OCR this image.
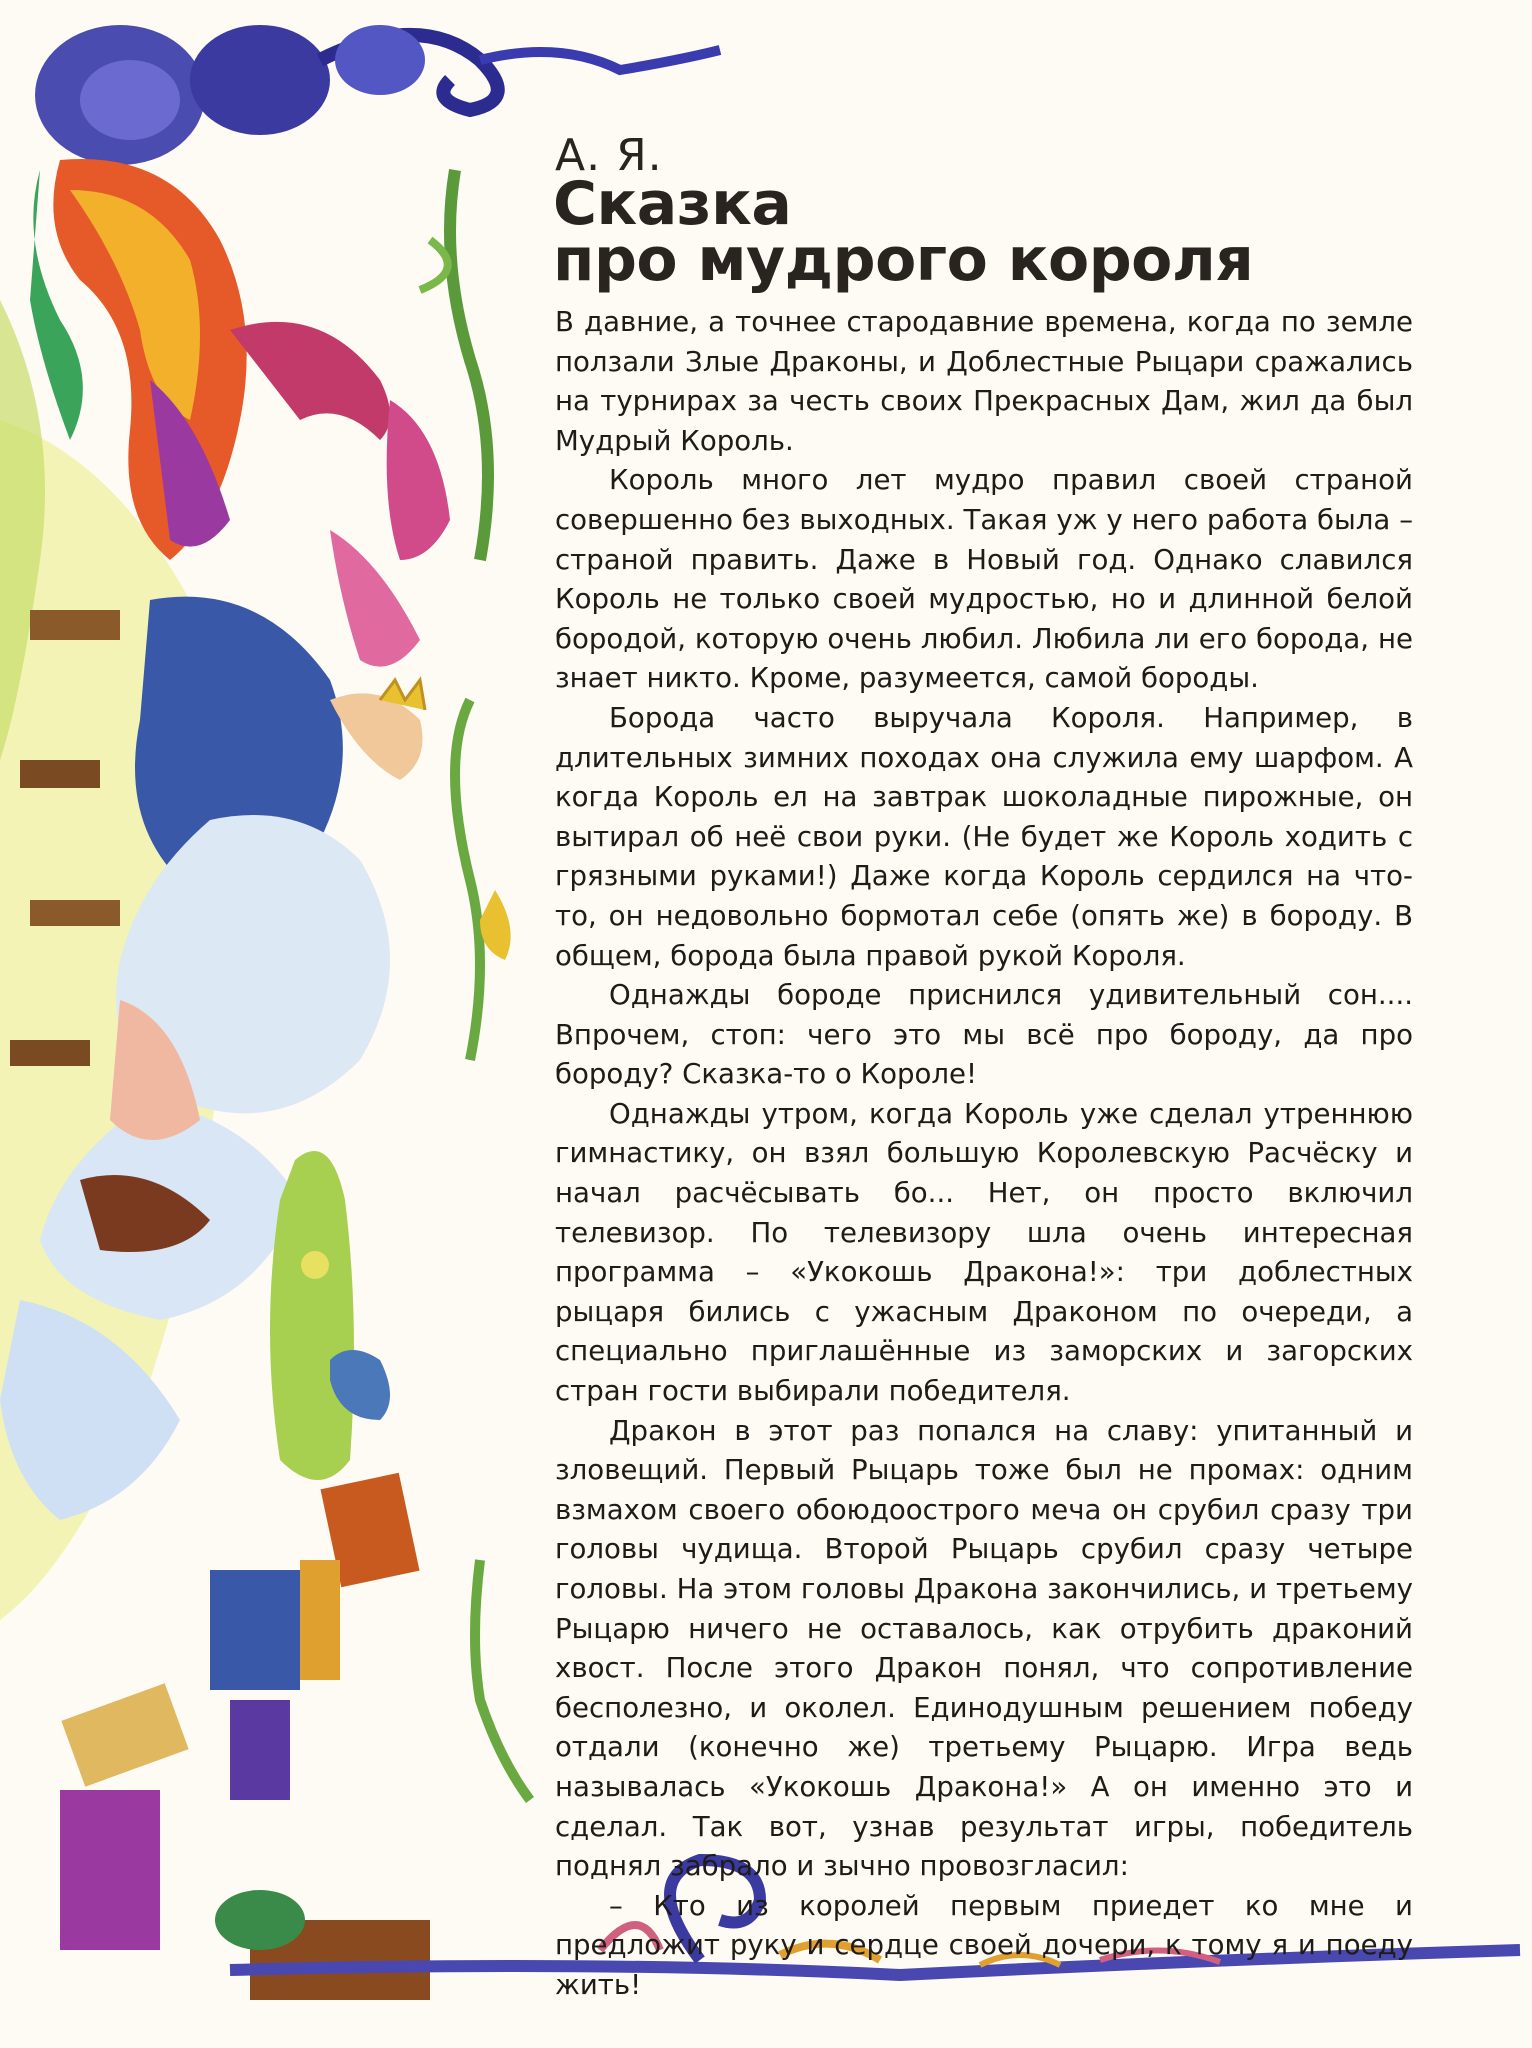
А. Я.
Сказка
про мудрого короля

В давние, а точнее стародавние времена, когда по земле ползали Злые Драконы, и Доблестные Рыцари сражались на турнирах за честь своих Прекрасных Дам, жил да был Мудрый Король.

Король много лет мудро правил своей страной совершенно без выходных. Такая уж у него работа была – страной править. Даже в Новый год. Однако славился Король не только своей мудростью, но и длинной белой бородой, которую очень любил. Любила ли его борода, не знает никто. Кроме, разумеется, самой бороды.

Борода часто выручала Короля. Например, в длительных зимних походах она служила ему шарфом. А когда Король ел на завтрак шоколадные пирожные, он вытирал об неё свои руки. (Не будет же Король ходить с грязными руками!) Даже когда Король сердился на что-то, он недовольно бормотал себе (опять же) в бороду. В общем, борода была правой рукой Короля.

Однажды бороде приснился удивительный сон.... Впрочем, стоп: чего это мы всё про бороду, да про бороду? Сказка-то о Короле!

Однажды утром, когда Король уже сделал утреннюю гимнастику, он взял большую Королевскую Расчёску и начал расчёсывать бо... Нет, он просто включил телевизор. По телевизору шла очень интересная программа – «Укокошь Дракона!»: три доблестных рыцаря бились с ужасным Драконом по очереди, а специально приглашённые из заморских и загорских стран гости выбирали победителя.

Дракон в этот раз попался на славу: упитанный и зловещий. Первый Рыцарь тоже был не промах: одним взмахом своего обоюдоострого меча он срубил сразу три головы чудища. Второй Рыцарь срубил сразу четыре головы. На этом головы Дракона закончились, и третьему Рыцарю ничего не оставалось, как отрубить драконий хвост. После этого Дракон понял, что сопротивление бесполезно, и околел. Единодушным решением победу отдали (конечно же) третьему Рыцарю. Игра ведь называлась «Укокошь Дракона!» А он именно это и сделал. Так вот, узнав результат игры, победитель поднял забрало и зычно провозгласил:

– Кто из королей первым приедет ко мне и предложит руку и сердце своей дочери, к тому я и поеду жить!
